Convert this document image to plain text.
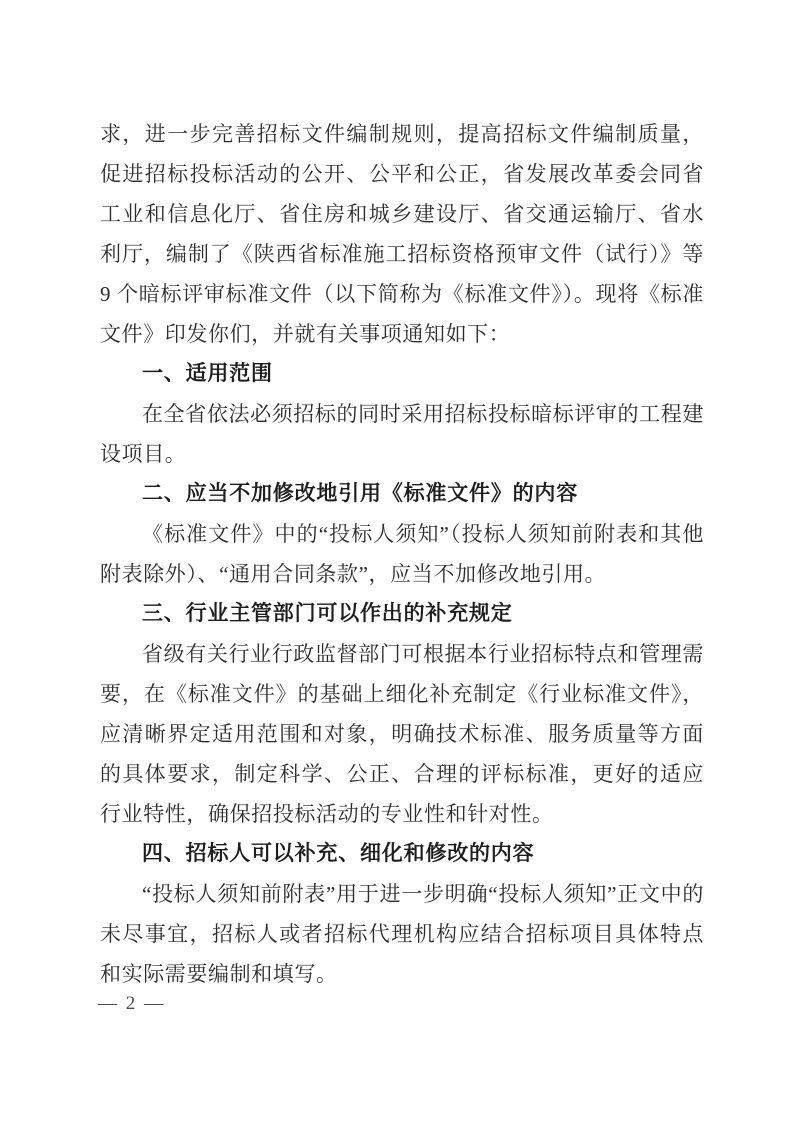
求，进一步完善招标文件编制规则，提高招标文件编制质量，促进招标投标活动的公开、公平和公正，省发展改革委会同省工业和信息化厅、省住房和城乡建设厅、省交通运输厅、省水利厅，编制了《陕西省标准施工招标资格预审文件（试行）》等 9 个暗标评审标准文件（以下简称为《标准文件》）。现将《标准文件》印发你们，并就有关事项通知如下：

一、适用范围

在全省依法必须招标的同时采用招标投标暗标评审的工程建设项目。

二、应当不加修改地引用《标准文件》的内容

《标准文件》中的“投标人须知”（投标人须知前附表和其他附表除外）、“通用合同条款”，应当不加修改地引用。

三、行业主管部门可以作出的补充规定

省级有关行业行政监督部门可根据本行业招标特点和管理需要，在《标准文件》的基础上细化补充制定《行业标准文件》，应清晰界定适用范围和对象，明确技术标准、服务质量等方面的具体要求，制定科学、公正、合理的评标标准，更好的适应行业特性，确保招投标活动的专业性和针对性。

四、招标人可以补充、细化和修改的内容

“投标人须知前附表”用于进一步明确“投标人须知”正文中的未尽事宜，招标人或者招标代理机构应结合招标项目具体特点和实际需要编制和填写。

— 2 —
